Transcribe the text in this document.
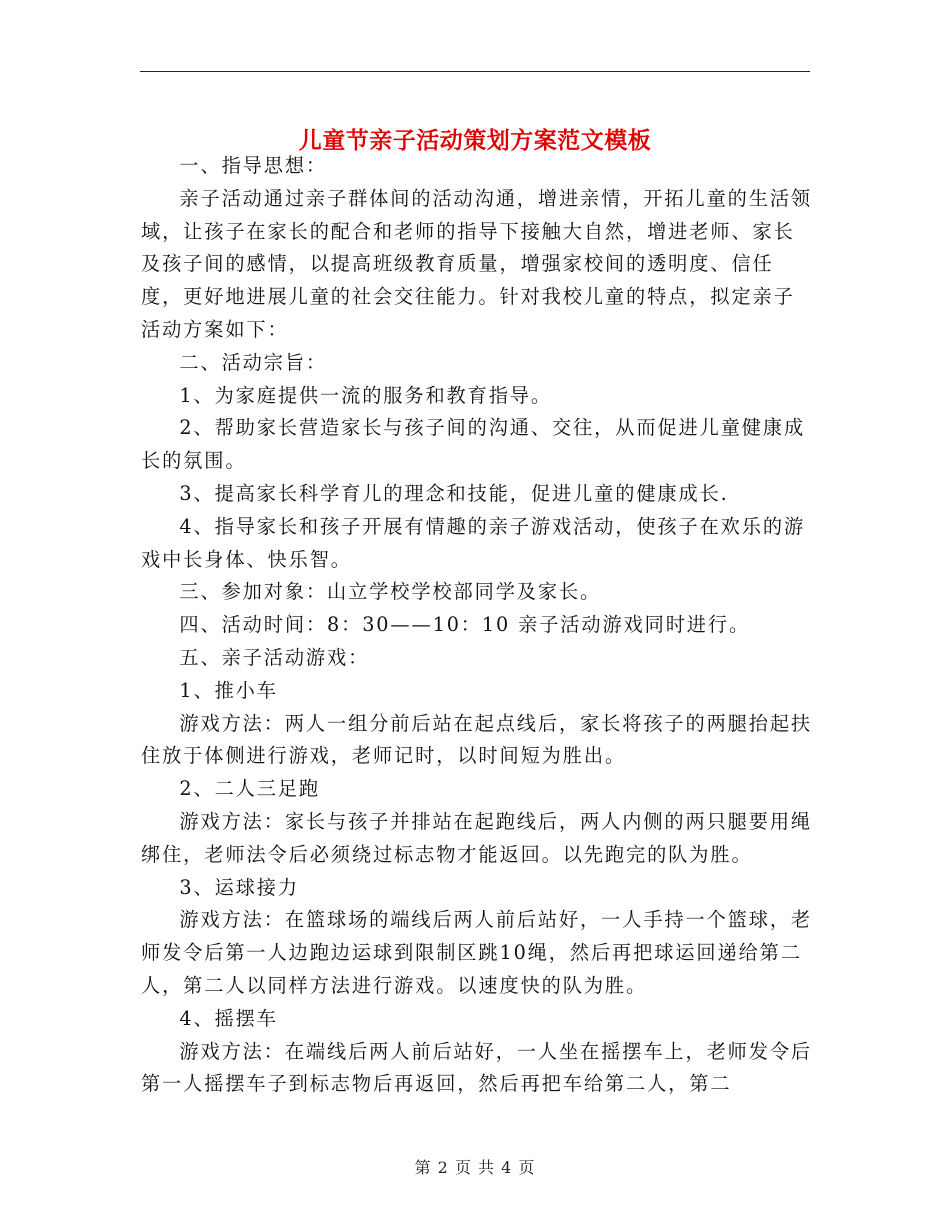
儿童节亲子活动策划方案范文模板

一、指导思想：

亲子活动通过亲子群体间的活动沟通，增进亲情，开拓儿童的生活领域，让孩子在家长的配合和老师的指导下接触大自然，增进老师、家长及孩子间的感情，以提高班级教育质量，增强家校间的透明度、信任度，更好地进展儿童的社会交往能力。针对我校儿童的特点，拟定亲子活动方案如下：

二、活动宗旨：

1、为家庭提供一流的服务和教育指导。

2、帮助家长营造家长与孩子间的沟通、交往，从而促进儿童健康成长的氛围。

3、提高家长科学育儿的理念和技能，促进儿童的健康成长.

4、指导家长和孩子开展有情趣的亲子游戏活动，使孩子在欢乐的游戏中长身体、快乐智。

三、参加对象：山立学校学校部同学及家长。

四、活动时间：8：30——10：10 亲子活动游戏同时进行。

五、亲子活动游戏：

1、推小车

游戏方法：两人一组分前后站在起点线后，家长将孩子的两腿抬起扶住放于体侧进行游戏，老师记时，以时间短为胜出。

2、二人三足跑

游戏方法：家长与孩子并排站在起跑线后，两人内侧的两只腿要用绳绑住，老师法令后必须绕过标志物才能返回。以先跑完的队为胜。

3、运球接力

游戏方法：在篮球场的端线后两人前后站好，一人手持一个篮球，老师发令后第一人边跑边运球到限制区跳10绳，然后再把球运回递给第二人，第二人以同样方法进行游戏。以速度快的队为胜。

4、摇摆车

游戏方法：在端线后两人前后站好，一人坐在摇摆车上，老师发令后第一人摇摆车子到标志物后再返回，然后再把车给第二人，第二

第 2 页 共 4 页
